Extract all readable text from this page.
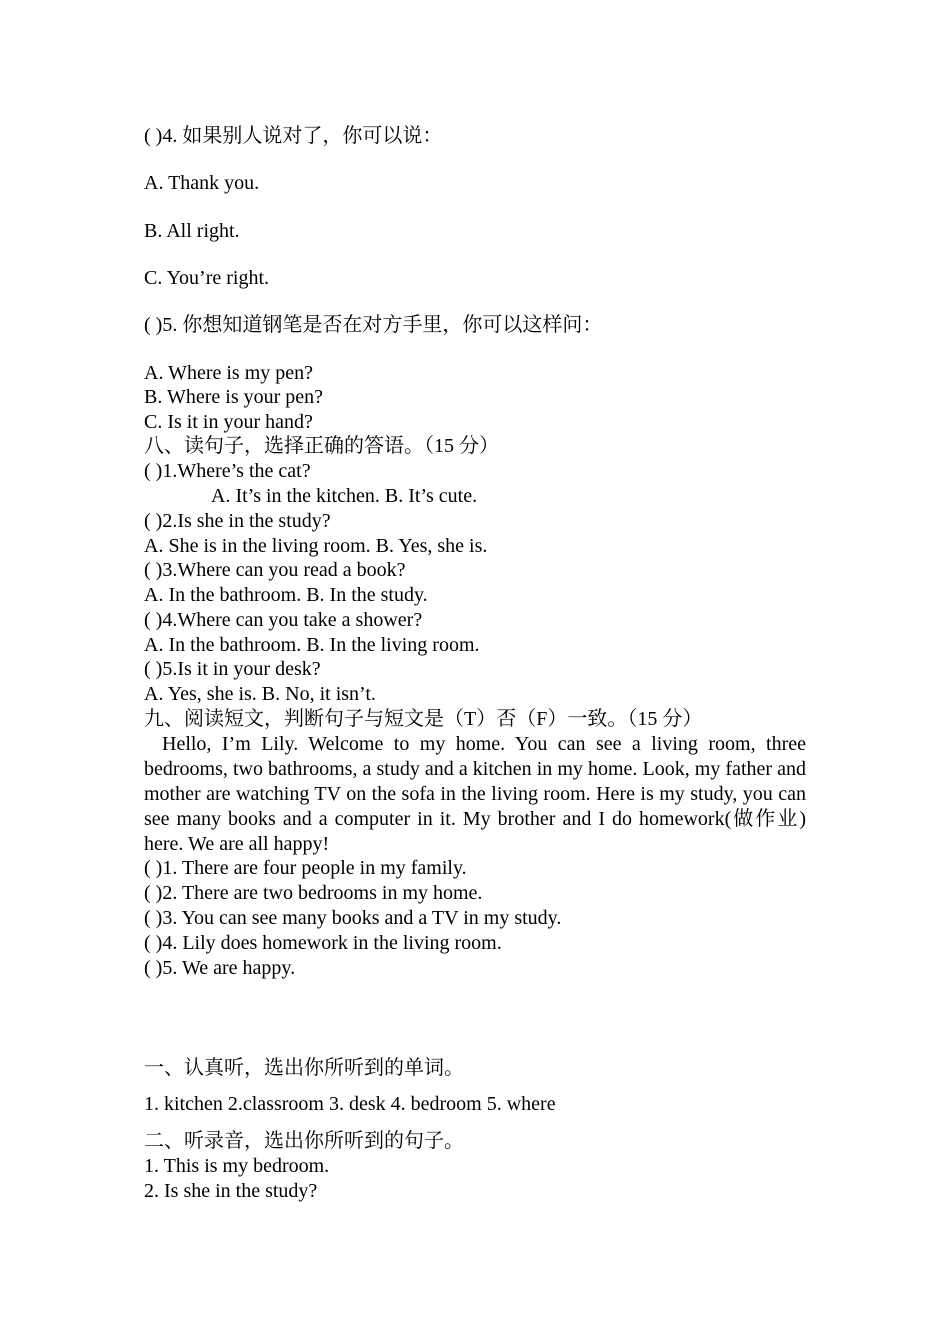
( )4. 如果别人说对了，你可以说：
A. Thank you.
B. All right.
C. You’re right.
( )5. 你想知道钢笔是否在对方手里，你可以这样问：
A. Where is my pen?
B. Where is your pen?
C. Is it in your hand?
八、读句子，选择正确的答语。（15 分）
( )1.Where’s the cat?
A. It’s in the kitchen. B. It’s cute.
( )2.Is she in the study?
A. She is in the living room. B. Yes, she is.
( )3.Where can you read a book?
A. In the bathroom. B. In the study.
( )4.Where can you take a shower?
A. In the bathroom. B. In the living room.
( )5.Is it in your desk?
A. Yes, she is. B. No, it isn’t.
九、阅读短文，判断句子与短文是（T）否（F）一致。（15 分）
Hello, I’m Lily. Welcome to my home. You can see a living room, three bedrooms, two bathrooms, a study and a kitchen in my home. Look, my father and mother are watching TV on the sofa in the living room. Here is my study, you can see many books and a computer in it. My brother and I do homework(做作业) here. We are all happy!
( )1. There are four people in my family.
( )2. There are two bedrooms in my home.
( )3. You can see many books and a TV in my study.
( )4. Lily does homework in the living room.
( )5. We are happy.
一、认真听，选出你所听到的单词。
1. kitchen 2.classroom 3. desk 4. bedroom 5. where
二、听录音，选出你所听到的句子。
1. This is my bedroom.
2. Is she in the study?
